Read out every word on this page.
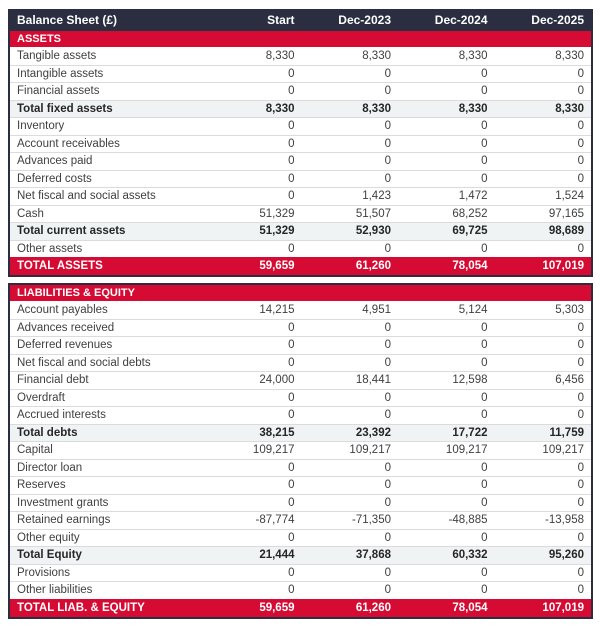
Balance Sheet (£)	Start	Dec-2023	Dec-2024	Dec-2025
ASSETS
Tangible assets	8,330	8,330	8,330	8,330
Intangible assets	0	0	0	0
Financial assets	0	0	0	0
Total fixed assets	8,330	8,330	8,330	8,330
Inventory	0	0	0	0
Account receivables	0	0	0	0
Advances paid	0	0	0	0
Deferred costs	0	0	0	0
Net fiscal and social assets	0	1,423	1,472	1,524
Cash	51,329	51,507	68,252	97,165
Total current assets	51,329	52,930	69,725	98,689
Other assets	0	0	0	0
TOTAL ASSETS	59,659	61,260	78,054	107,019
LIABILITIES & EQUITY
Account payables	14,215	4,951	5,124	5,303
Advances received	0	0	0	0
Deferred revenues	0	0	0	0
Net fiscal and social debts	0	0	0	0
Financial debt	24,000	18,441	12,598	6,456
Overdraft	0	0	0	0
Accrued interests	0	0	0	0
Total debts	38,215	23,392	17,722	11,759
Capital	109,217	109,217	109,217	109,217
Director loan	0	0	0	0
Reserves	0	0	0	0
Investment grants	0	0	0	0
Retained earnings	-87,774	-71,350	-48,885	-13,958
Other equity	0	0	0	0
Total Equity	21,444	37,868	60,332	95,260
Provisions	0	0	0	0
Other liabilities	0	0	0	0
TOTAL LIAB. & EQUITY	59,659	61,260	78,054	107,019
